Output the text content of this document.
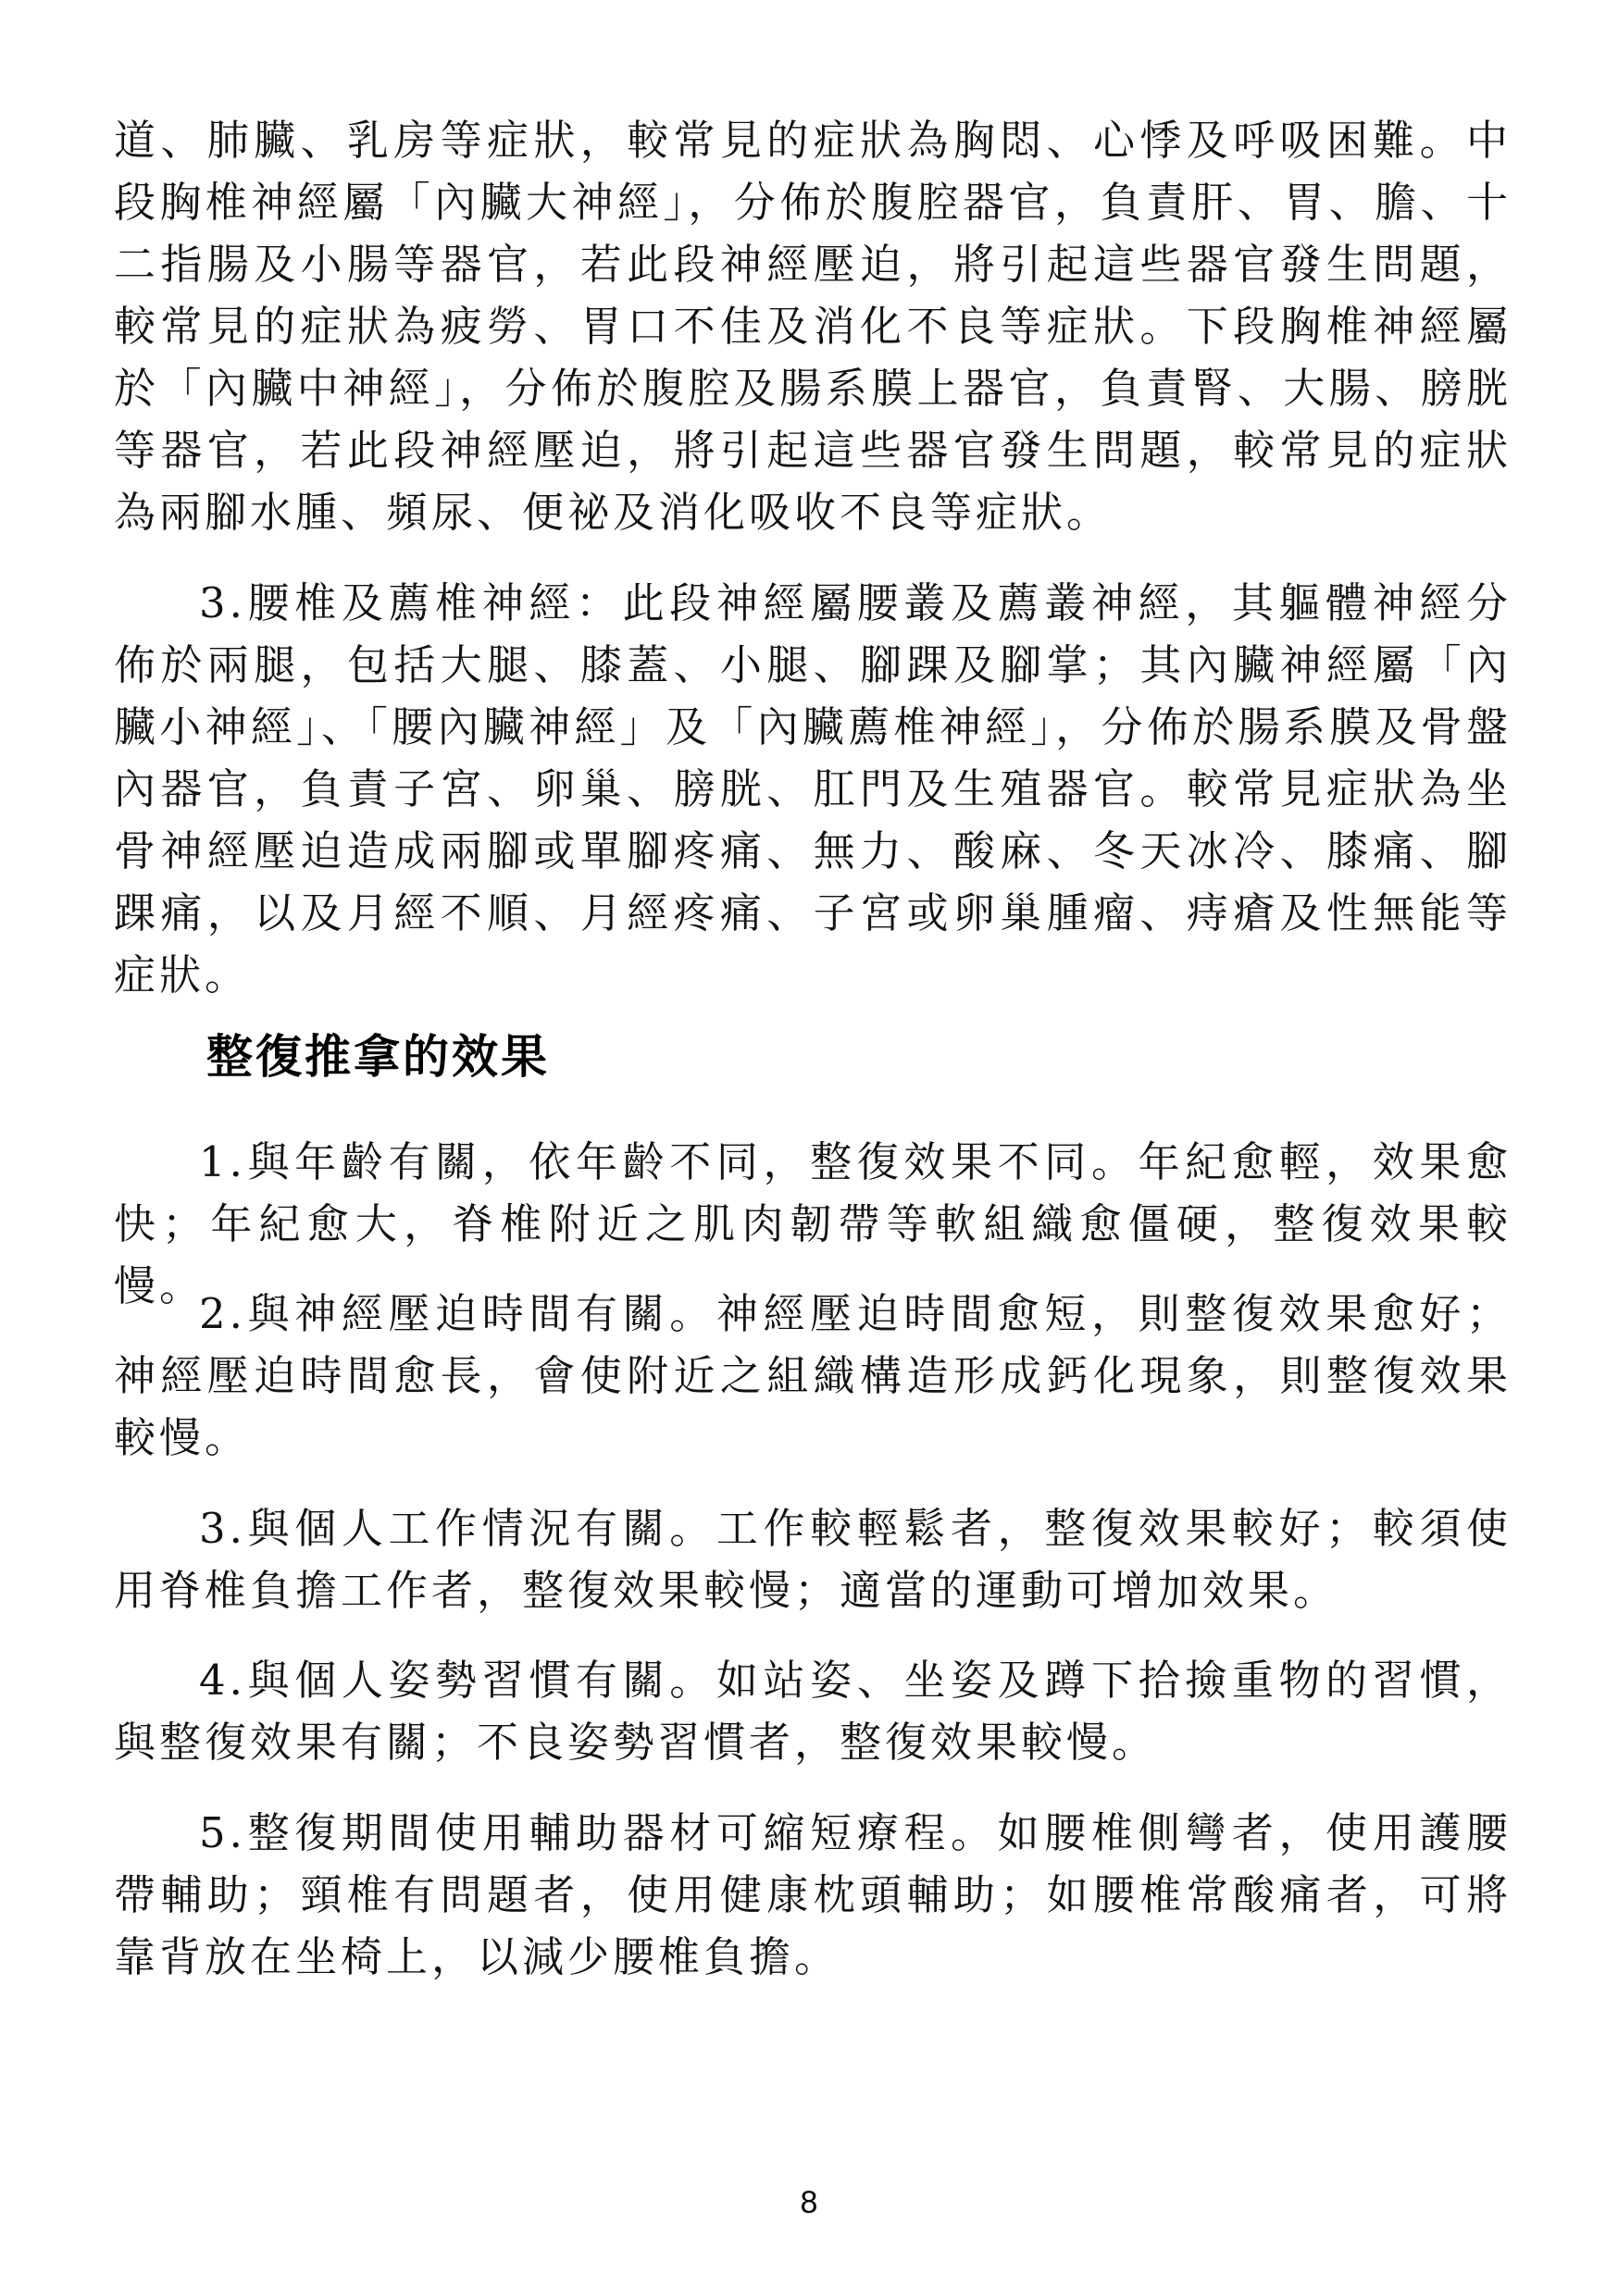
道、肺臟、乳房等症狀，較常見的症狀為胸悶、心悸及呼吸困難。中段胸椎神經屬「內臟大神經」，分佈於腹腔器官，負責肝、胃、膽、十二指腸及小腸等器官，若此段神經壓迫，將引起這些器官發生問題，較常見的症狀為疲勞、胃口不佳及消化不良等症狀。下段胸椎神經屬於「內臟中神經」，分佈於腹腔及腸系膜上器官，負責腎、大腸、膀胱等器官，若此段神經壓迫，將引起這些器官發生問題，較常見的症狀為兩腳水腫、頻尿、便祕及消化吸收不良等症狀。

3.腰椎及薦椎神經：此段神經屬腰叢及薦叢神經，其軀體神經分佈於兩腿，包括大腿、膝蓋、小腿、腳踝及腳掌；其內臟神經屬「內臟小神經」、「腰內臟神經」及「內臟薦椎神經」，分佈於腸系膜及骨盤內器官，負責子宮、卵巢、膀胱、肛門及生殖器官。較常見症狀為坐骨神經壓迫造成兩腳或單腳疼痛、無力、酸麻、冬天冰冷、膝痛、腳踝痛，以及月經不順、月經疼痛、子宮或卵巢腫瘤、痔瘡及性無能等症狀。

整復推拿的效果

1.與年齡有關，依年齡不同，整復效果不同。年紀愈輕，效果愈快；年紀愈大，脊椎附近之肌肉韌帶等軟組織愈僵硬，整復效果較慢。

2.與神經壓迫時間有關。神經壓迫時間愈短，則整復效果愈好；神經壓迫時間愈長，會使附近之組織構造形成鈣化現象，則整復效果較慢。

3.與個人工作情況有關。工作較輕鬆者，整復效果較好；較須使用脊椎負擔工作者，整復效果較慢；適當的運動可增加效果。

4.與個人姿勢習慣有關。如站姿、坐姿及蹲下拾撿重物的習慣，與整復效果有關；不良姿勢習慣者，整復效果較慢。

5.整復期間使用輔助器材可縮短療程。如腰椎側彎者，使用護腰帶輔助；頸椎有問題者，使用健康枕頭輔助；如腰椎常酸痛者，可將靠背放在坐椅上，以減少腰椎負擔。

8
